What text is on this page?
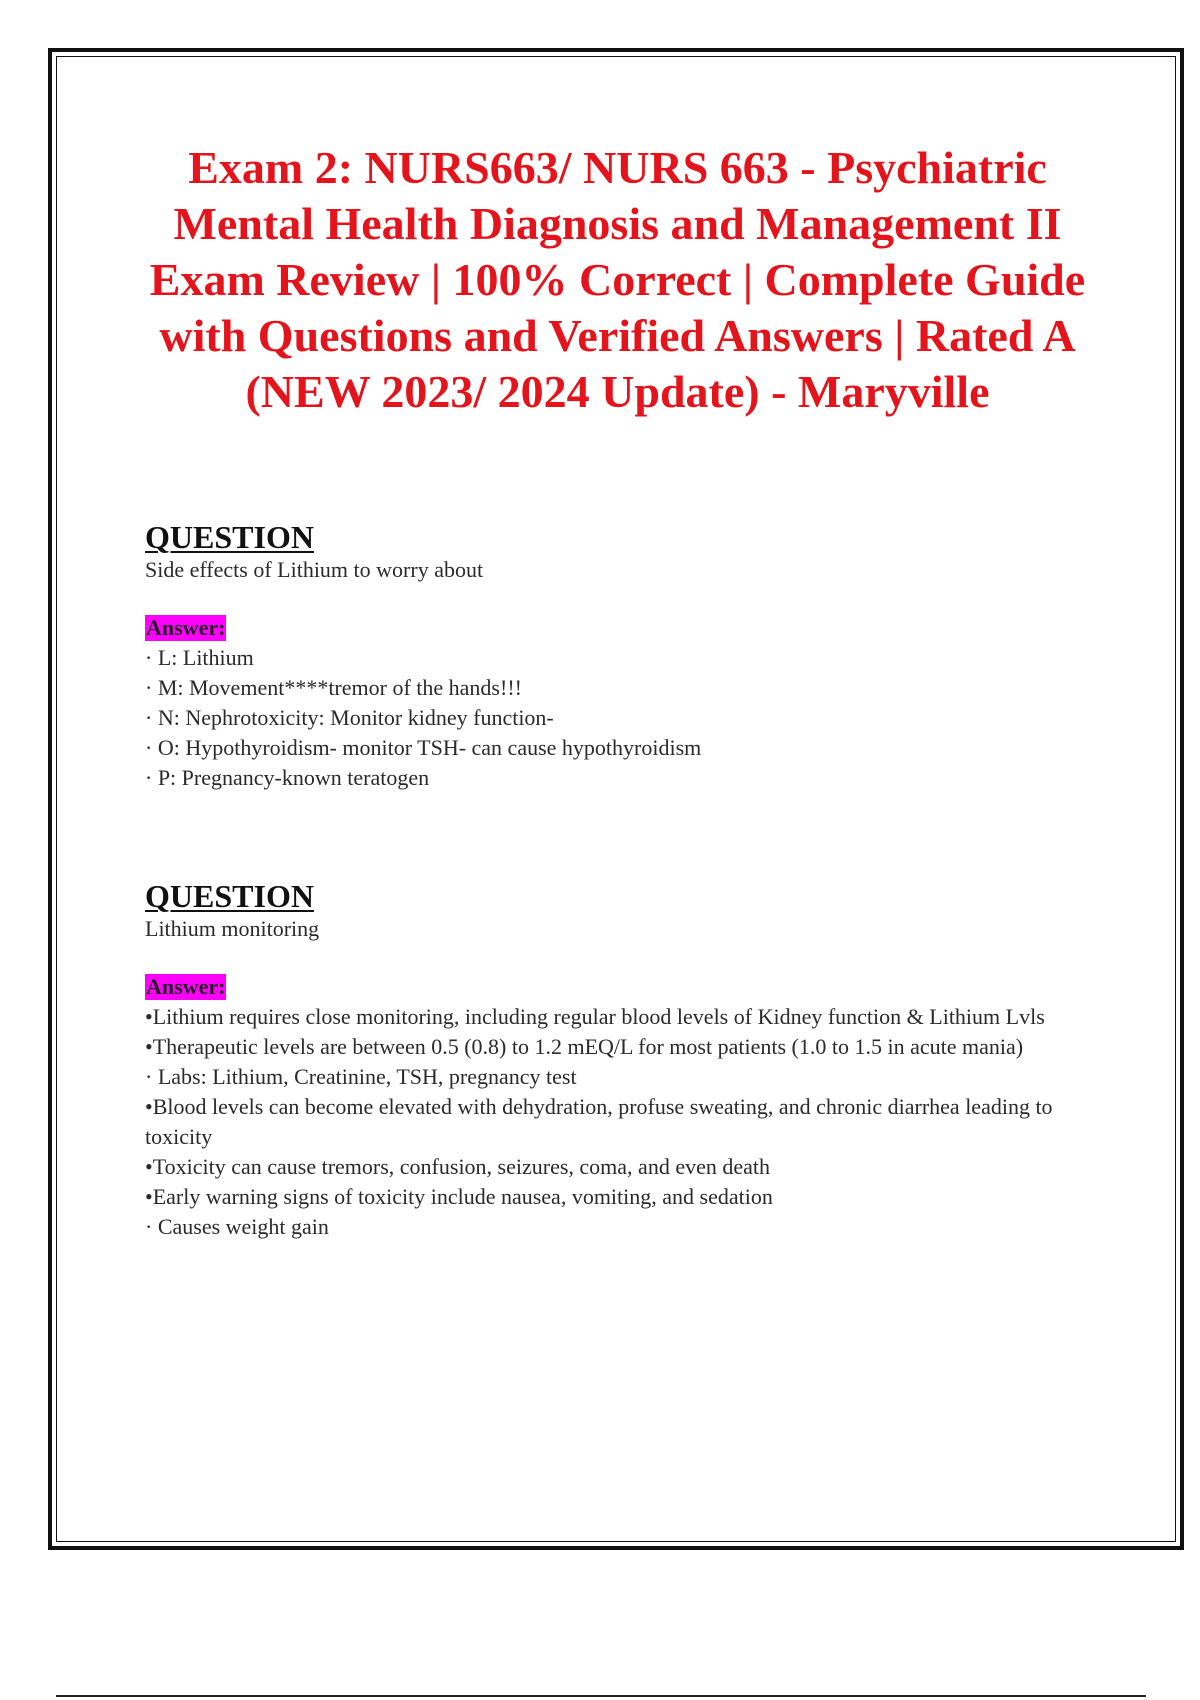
Exam 2: NURS663/ NURS 663 - Psychiatric Mental Health Diagnosis and Management II Exam Review | 100% Correct | Complete Guide with Questions and Verified Answers | Rated A (NEW 2023/ 2024 Update) - Maryville
QUESTION

Side effects of Lithium to worry about

Answer:
· L: Lithium
· M: Movement****tremor of the hands!!!
· N: Nephrotoxicity: Monitor kidney function-
· O: Hypothyroidism- monitor TSH- can cause hypothyroidism
· P: Pregnancy-known teratogen
QUESTION

Lithium monitoring

Answer:
•Lithium requires close monitoring, including regular blood levels of Kidney function & Lithium Lvls
•Therapeutic levels are between 0.5 (0.8) to 1.2 mEQ/L for most patients (1.0 to 1.5 in acute mania)
· Labs: Lithium, Creatinine, TSH, pregnancy test
•Blood levels can become elevated with dehydration, profuse sweating, and chronic diarrhea leading to toxicity
•Toxicity can cause tremors, confusion, seizures, coma, and even death
•Early warning signs of toxicity include nausea, vomiting, and sedation
· Causes weight gain
